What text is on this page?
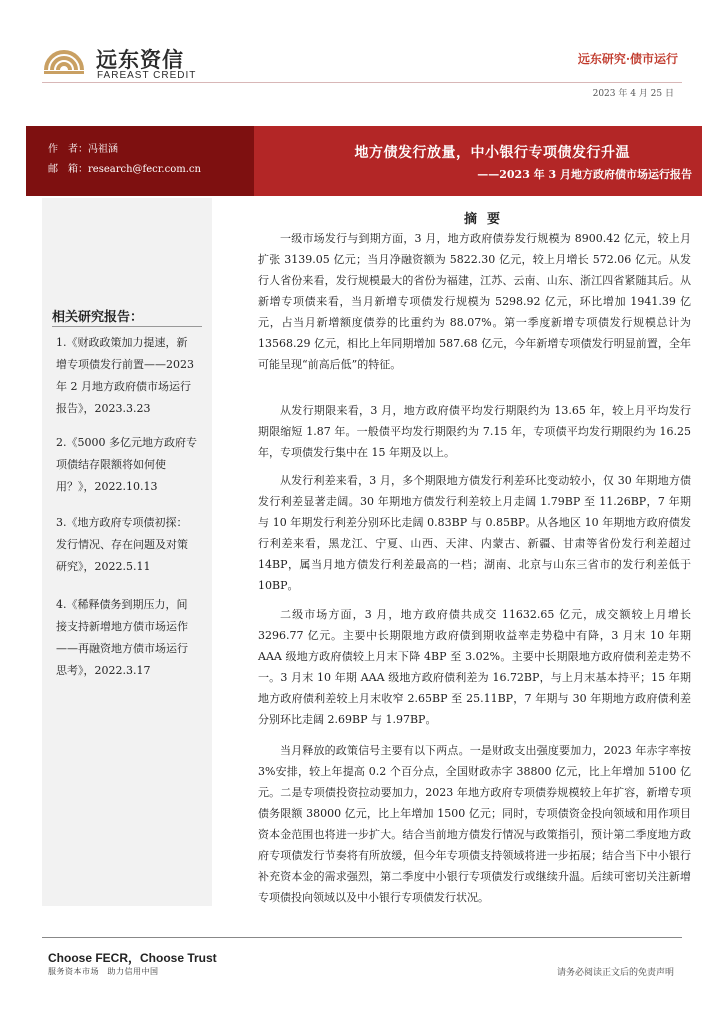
远东资信
FAREAST CREDIT
远东研究·债市运行
2023 年 4 月 25 日
作　者：冯祖涵
邮　箱：research@fecr.com.cn
地方债发行放量，中小银行专项债发行升温
——2023 年 3 月地方政府债市场运行报告
相关研究报告：
1.《财政政策加力提速，新
增专项债发行前置——2023
年 2 月地方政府债市场运行
报告》，2023.3.23
2.《5000 多亿元地方政府专
项债结存限额将如何使
用？》，2022.10.13
3.《地方政府专项债初探：
发行情况、存在问题及对策
研究》，2022.5.11
4.《稀释债务到期压力，间
接支持新增地方债市场运作
——再融资地方债市场运行
思考》，2022.3.17
摘要

一级市场发行与到期方面，3 月，地方政府债券发行规模为 8900.42 亿元，较上月扩张 3139.05 亿元；当月净融资额为 5822.30 亿元，较上月增长 572.06 亿元。从发行人省份来看，发行规模最大的省份为福建，江苏、云南、山东、浙江四省紧随其后。从新增专项债来看，当月新增专项债发行规模为 5298.92 亿元，环比增加 1941.39 亿元，占当月新增额度债券的比重约为 88.07%。第一季度新增专项债发行规模总计为 13568.29 亿元，相比上年同期增加 587.68 亿元，今年新增专项债发行明显前置，全年可能呈现“前高后低”的特征。

从发行期限来看，3 月，地方政府债平均发行期限约为 13.65 年，较上月平均发行期限缩短 1.87 年。一般债平均发行期限约为 7.15 年，专项债平均发行期限约为 16.25 年，专项债发行集中在 15 年期及以上。

从发行利差来看，3 月，多个期限地方债发行利差环比变动较小，仅 30 年期地方债发行利差显著走阔。30 年期地方债发行利差较上月走阔 1.79BP 至 11.26BP，7 年期与 10 年期发行利差分别环比走阔 0.83BP 与 0.85BP。从各地区 10 年期地方政府债发行利差来看，黑龙江、宁夏、山西、天津、内蒙古、新疆、甘肃等省份发行利差超过 14BP，属当月地方债发行利差最高的一档；湖南、北京与山东三省市的发行利差低于 10BP。

二级市场方面，3 月，地方政府债共成交 11632.65 亿元，成交额较上月增长 3296.77 亿元。主要中长期限地方政府债到期收益率走势稳中有降，3 月末 10 年期 AAA 级地方政府债较上月末下降 4BP 至 3.02%。主要中长期限地方政府债利差走势不一。3 月末 10 年期 AAA 级地方政府债利差为 16.72BP，与上月末基本持平；15 年期地方政府债利差较上月末收窄 2.65BP 至 25.11BP，7 年期与 30 年期地方政府债利差分别环比走阔 2.69BP 与 1.97BP。

当月释放的政策信号主要有以下两点。一是财政支出强度要加力，2023 年赤字率按 3%安排，较上年提高 0.2 个百分点，全国财政赤字 38800 亿元，比上年增加 5100 亿元。二是专项债投资拉动要加力，2023 年地方政府专项债券规模较上年扩容，新增专项债务限额 38000 亿元，比上年增加 1500 亿元；同时，专项债资金投向领域和用作项目资本金范围也将进一步扩大。结合当前地方债发行情况与政策指引，预计第二季度地方政府专项债发行节奏将有所放缓，但今年专项债支持领域将进一步拓展；结合当下中小银行补充资本金的需求强烈，第二季度中小银行专项债发行或继续升温。后续可密切关注新增专项债投向领域以及中小银行专项债发行状况。

Choose FECR，Choose Trust
服务资本市场　助力信用中国	请务必阅读正文后的免责声明
